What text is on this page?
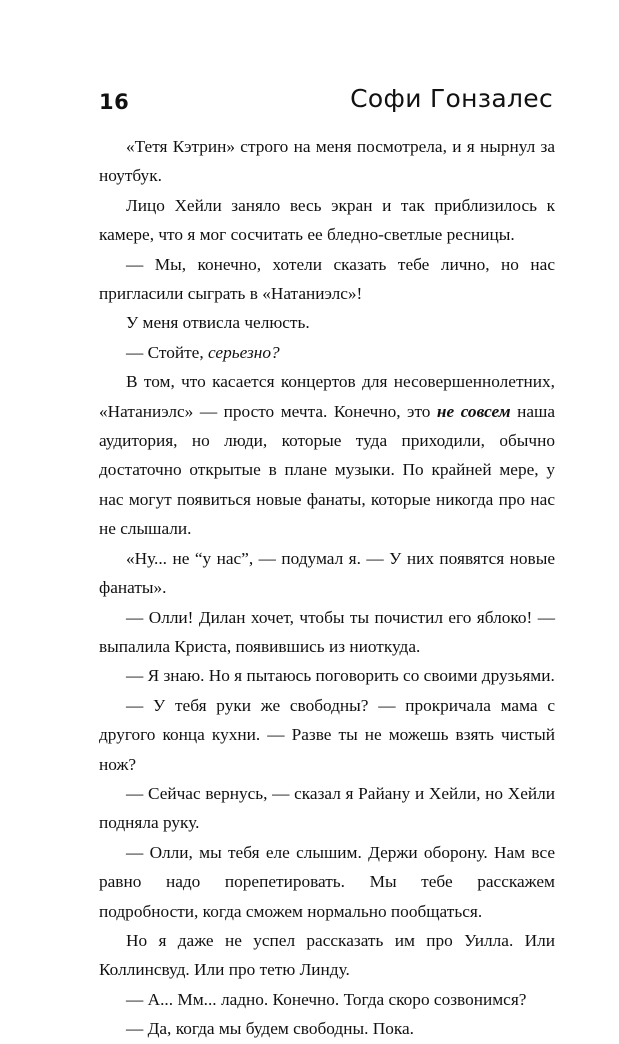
16	Софи Гонзалес

«Тетя Кэтрин» строго на меня посмотрела, и я нырнул за ноутбук.

Лицо Хейли заняло весь экран и так приблизилось к камере, что я мог сосчитать ее бледно-светлые ресницы.

— Мы, конечно, хотели сказать тебе лично, но нас пригласили сыграть в «Натаниэлс»!

У меня отвисла челюсть.

— Стойте, серьезно?

В том, что касается концертов для несовершеннолетних, «Натаниэлс» — просто мечта. Конечно, это не совсем наша аудитория, но люди, которые туда приходили, обычно достаточно открытые в плане музыки. По крайней мере, у нас могут появиться новые фанаты, которые никогда про нас не слышали.

«Ну... не “у нас”, — подумал я. — У них появятся новые фанаты».

— Олли! Дилан хочет, чтобы ты почистил его яблоко! — выпалила Криста, появившись из ниоткуда.

— Я знаю. Но я пытаюсь поговорить со своими друзьями.

— У тебя руки же свободны? — прокричала мама с другого конца кухни. — Разве ты не можешь взять чистый нож?

— Сейчас вернусь, — сказал я Райану и Хейли, но Хейли подняла руку.

— Олли, мы тебя еле слышим. Держи оборону. Нам все равно надо порепетировать. Мы тебе расскажем подробности, когда сможем нормально пообщаться.

Но я даже не успел рассказать им про Уилла. Или Коллинсвуд. Или про тетю Линду.

— А... Мм... ладно. Конечно. Тогда скоро созвонимся?

— Да, когда мы будем свободны. Пока.
